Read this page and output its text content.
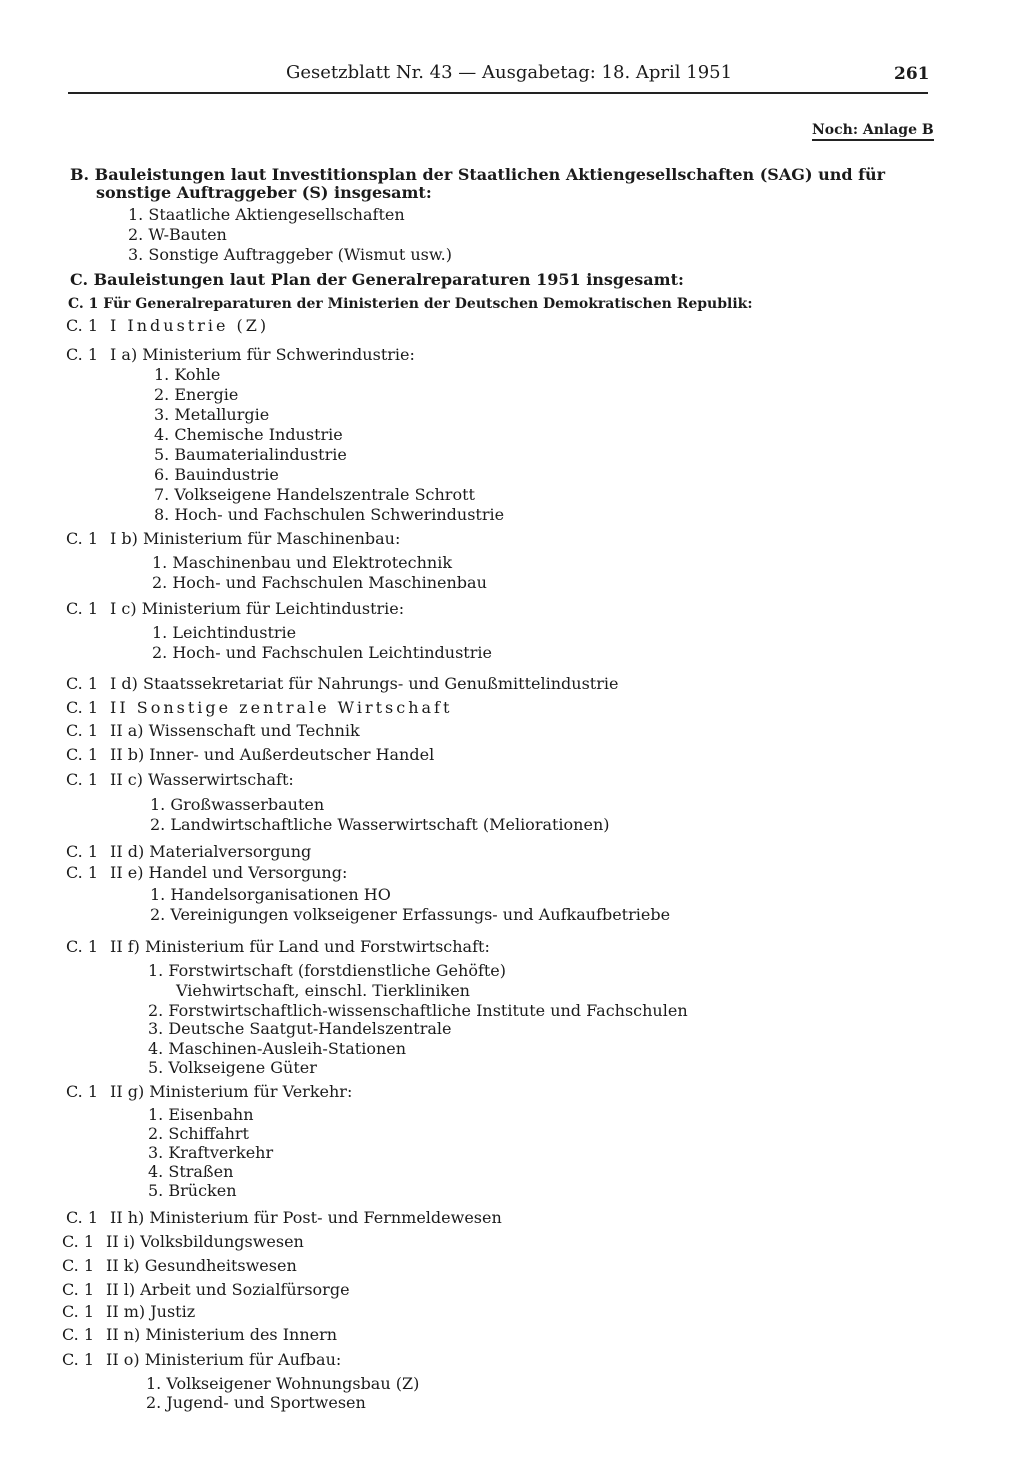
Gesetzblatt Nr. 43 — Ausgabetag: 18. April 1951	261
Noch: Anlage B
B. Bauleistungen laut Investitionsplan der Staatlichen Aktiengesellschaften (SAG) und für
sonstige Auftraggeber (S) insgesamt:
1. Staatliche Aktiengesellschaften
2. W-Bauten
3. Sonstige Auftraggeber (Wismut usw.)
C. Bauleistungen laut Plan der Generalreparaturen 1951 insgesamt:
C. 1 Für Generalreparaturen der Ministerien der Deutschen Demokratischen Republik:
C. 1 I Industrie (Z)
C. 1 I a) Ministerium für Schwerindustrie:
1. Kohle
2. Energie
3. Metallurgie
4. Chemische Industrie
5. Baumaterialindustrie
6. Bauindustrie
7. Volkseigene Handelszentrale Schrott
8. Hoch- und Fachschulen Schwerindustrie
C. 1 I b) Ministerium für Maschinenbau:
1. Maschinenbau und Elektrotechnik
2. Hoch- und Fachschulen Maschinenbau
C. 1 I c) Ministerium für Leichtindustrie:
1. Leichtindustrie
2. Hoch- und Fachschulen Leichtindustrie
C. 1 I d) Staatssekretariat für Nahrungs- und Genußmittelindustrie
C. 1 II Sonstige zentrale Wirtschaft
C. 1 II a) Wissenschaft und Technik
C. 1 II b) Inner- und Außerdeutscher Handel
C. 1 II c) Wasserwirtschaft:
1. Großwasserbauten
2. Landwirtschaftliche Wasserwirtschaft (Meliorationen)
C. 1 II d) Materialversorgung
C. 1 II e) Handel und Versorgung:
1. Handelsorganisationen HO
2. Vereinigungen volkseigener Erfassungs- und Aufkaufbetriebe
C. 1 II f) Ministerium für Land und Forstwirtschaft:
1. Forstwirtschaft (forstdienstliche Gehöfte)
Viehwirtschaft, einschl. Tierkliniken
2. Forstwirtschaftlich-wissenschaftliche Institute und Fachschulen
3. Deutsche Saatgut-Handelszentrale
4. Maschinen-Ausleih-Stationen
5. Volkseigene Güter
C. 1 II g) Ministerium für Verkehr:
1. Eisenbahn
2. Schiffahrt
3. Kraftverkehr
4. Straßen
5. Brücken
C. 1 II h) Ministerium für Post- und Fernmeldewesen
C. 1 II i) Volksbildungswesen
C. 1 II k) Gesundheitswesen
C. 1 II l) Arbeit und Sozialfürsorge
C. 1 II m) Justiz
C. 1 II n) Ministerium des Innern
C. 1 II o) Ministerium für Aufbau:
1. Volkseigener Wohnungsbau (Z)
2. Jugend- und Sportwesen
